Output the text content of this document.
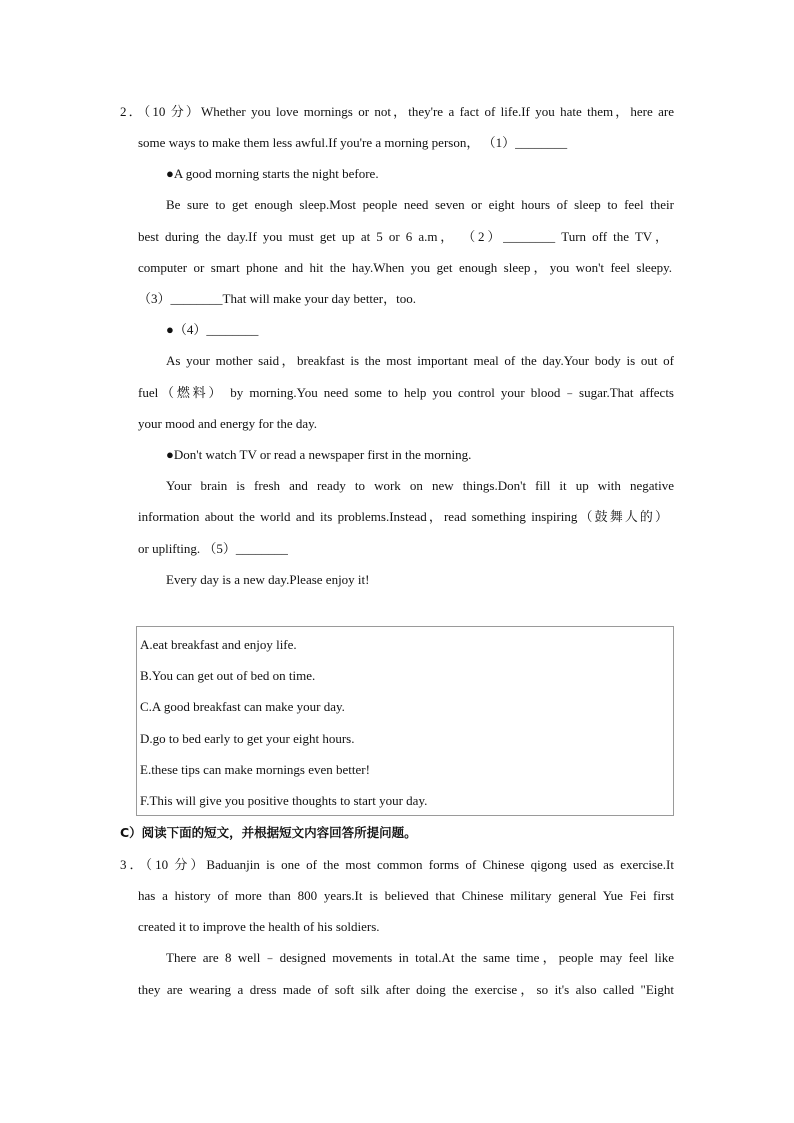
2．（10 分）Whether you love mornings or not，they're a fact of life.If you hate them，here are
some ways to make them less awful.If you're a morning person， （1）________
●A good morning starts the night before.
Be sure to get enough sleep.Most people need seven or eight hours of sleep to feel their
best during the day.If you must get up at 5 or 6 a.m， （2）________ Turn off the TV，
computer or smart phone and hit the hay.When you get enough sleep，you won't feel sleepy.
（3）________That will make your day better，too.
●（4）________
As your mother said，breakfast is the most important meal of the day.Your body is out of
fuel（燃料） by morning.You need some to help you control your blood﹣sugar.That affects
your mood and energy for the day.
●Don't watch TV or read a newspaper first in the morning.
Your brain is fresh and ready to work on new things.Don't fill it up with negative
information about the world and its problems.Instead，read something inspiring（鼓舞人的）
or uplifting. （5）________
Every day is a new day.Please enjoy it!
A.eat breakfast and enjoy life.
B.You can get out of bed on time.
C.A good breakfast can make your day.
D.go to bed early to get your eight hours.
E.these tips can make mornings even better!
F.This will give you positive thoughts to start your day.
C）阅读下面的短文，并根据短文内容回答所提问题。
3．（10 分）Baduanjin is one of the most common forms of Chinese qigong used as exercise.It
has a history of more than 800 years.It is believed that Chinese military general Yue Fei first
created it to improve the health of his soldiers.
There are 8 well﹣designed movements in total.At the same time，people may feel like
they are wearing a dress made of soft silk after doing the exercise，so it's also called "Eight
